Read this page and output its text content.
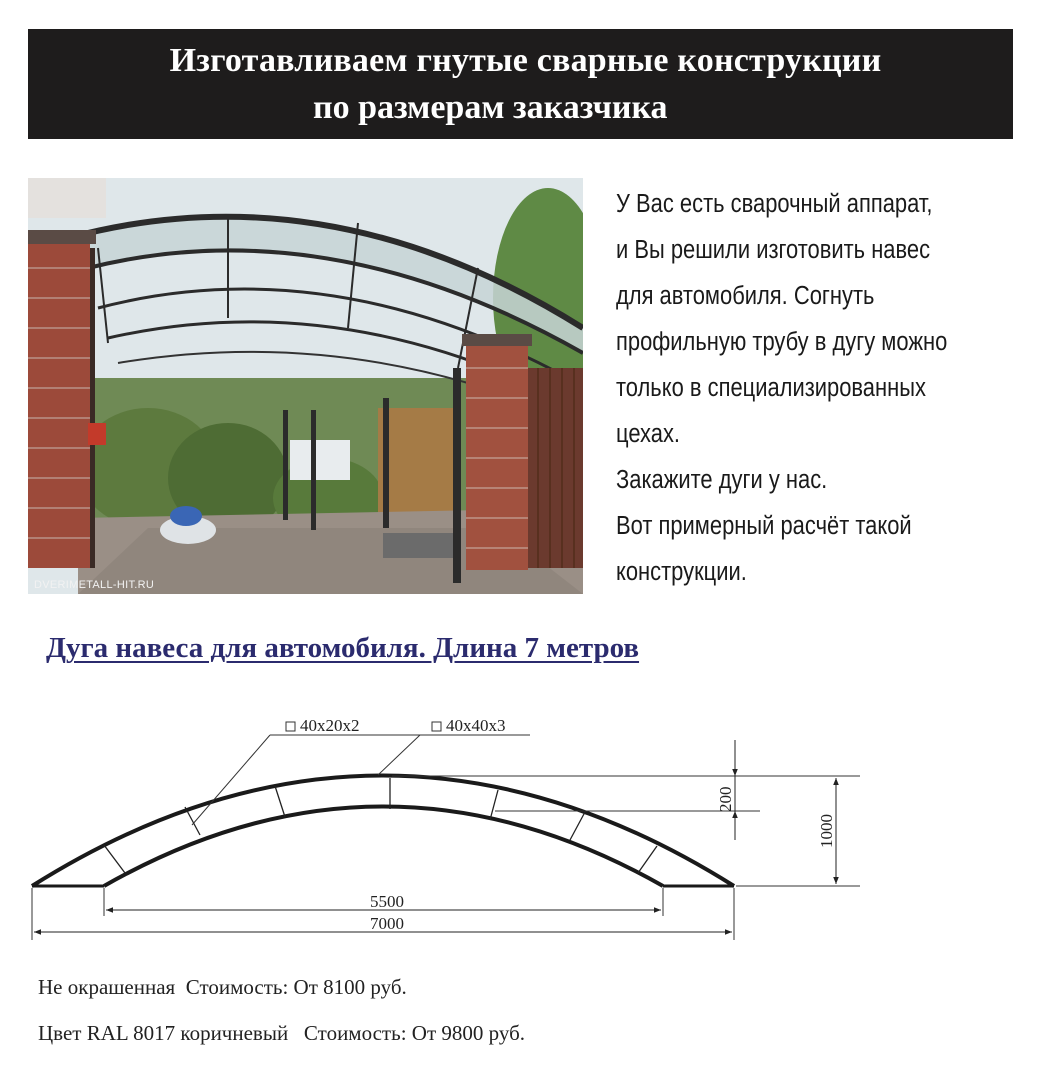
Изготавливаем гнутые сварные конструкции
по размерам заказчика
DVERIMETALL-HIT.RU
У Вас есть сварочный аппарат,
и Вы решили изготовить навес
для автомобиля. Согнуть
профильную трубу в дугу можно
только в специализированных
цехах.
Закажите дуги у нас.
Вот примерный расчёт такой
конструкции.
Дуга навеса для автомобиля. Длина 7 метров
40x20x2	40x40x3
200
1000
5500
7000
Не окрашенная  Стоимость: От 8100 руб.
Цвет RAL 8017 коричневый   Стоимость: От 9800 руб.
